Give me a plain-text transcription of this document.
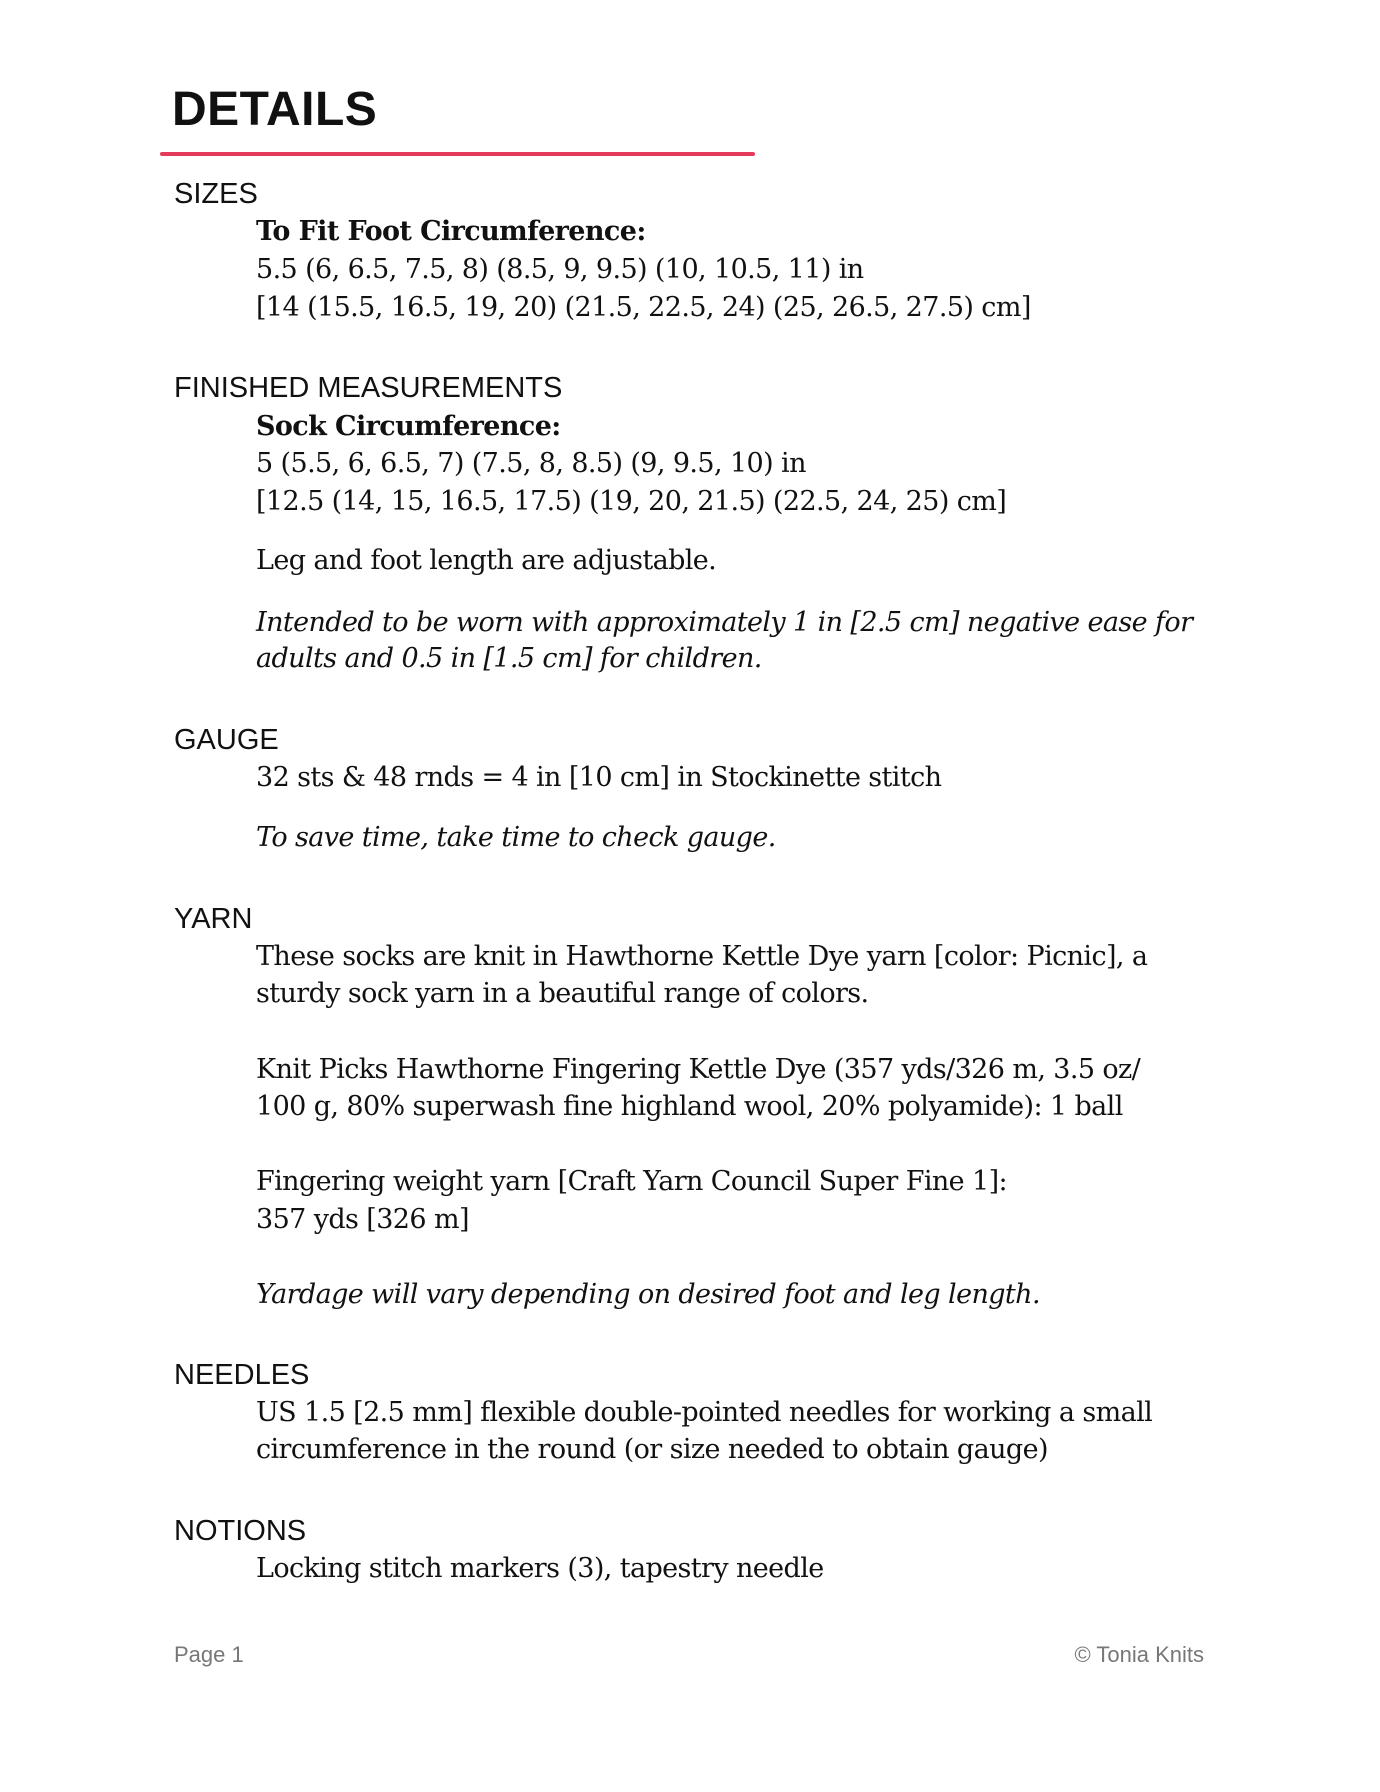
DETAILS
SIZES
To Fit Foot Circumference:
5.5 (6, 6.5, 7.5, 8) (8.5, 9, 9.5) (10, 10.5, 11) in
[14 (15.5, 16.5, 19, 20) (21.5, 22.5, 24) (25, 26.5, 27.5) cm]
FINISHED MEASUREMENTS
Sock Circumference:
5 (5.5, 6, 6.5, 7) (7.5, 8, 8.5) (9, 9.5, 10) in
[12.5 (14, 15, 16.5, 17.5) (19, 20, 21.5) (22.5, 24, 25) cm]
Leg and foot length are adjustable.
Intended to be worn with approximately 1 in [2.5 cm] negative ease for
adults and 0.5 in [1.5 cm] for children.
GAUGE
32 sts & 48 rnds = 4 in [10 cm] in Stockinette stitch
To save time, take time to check gauge.
YARN
These socks are knit in Hawthorne Kettle Dye yarn [color: Picnic], a
sturdy sock yarn in a beautiful range of colors.
Knit Picks Hawthorne Fingering Kettle Dye (357 yds/326 m, 3.5 oz/
100 g, 80% superwash fine highland wool, 20% polyamide): 1 ball
Fingering weight yarn [Craft Yarn Council Super Fine 1]:
357 yds [326 m]
Yardage will vary depending on desired foot and leg length.
NEEDLES
US 1.5 [2.5 mm] flexible double-pointed needles for working a small
circumference in the round (or size needed to obtain gauge)
NOTIONS
Locking stitch markers (3), tapestry needle
Page 1	© Tonia Knits
